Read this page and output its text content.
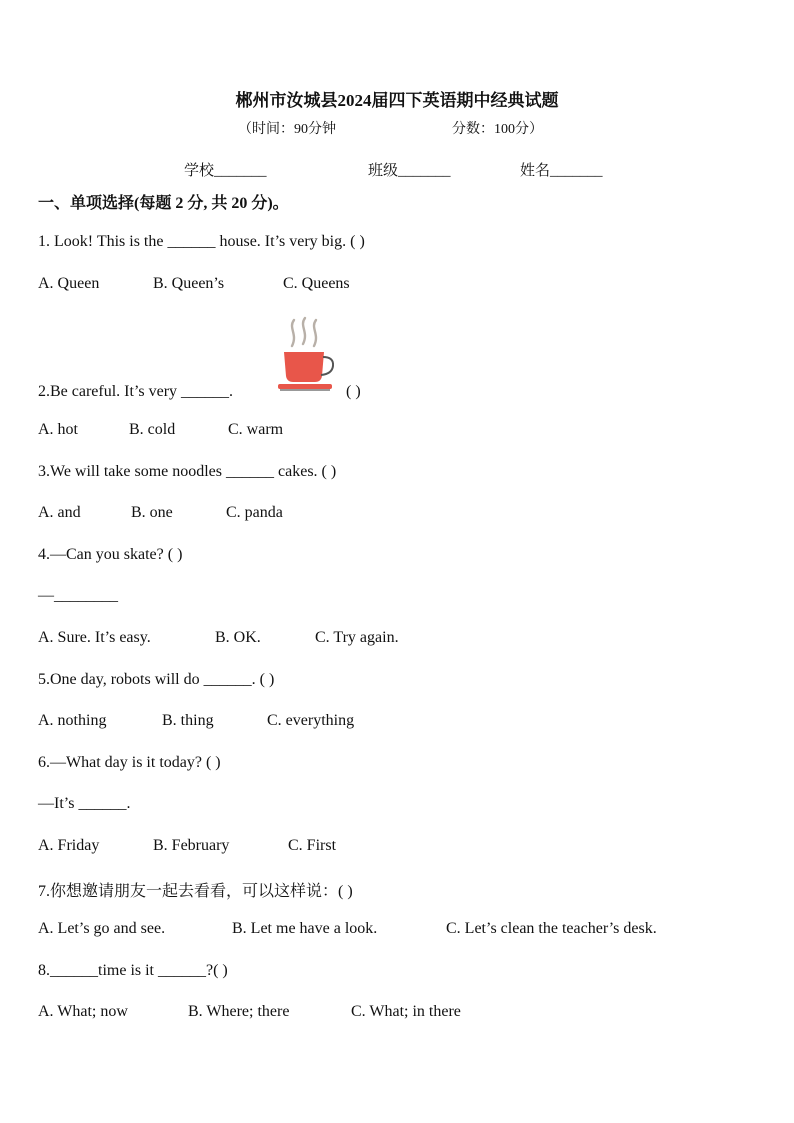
郴州市汝城县2024届四下英语期中经典试题
（时间：90分钟	分数：100分）
学校_______	班级_______	姓名_______
一、单项选择(每题 2 分, 共 20 分)。
1. Look! This is the ______ house. It’s very big. ( )
A. Queen	B. Queen’s	C. Queens
2.Be careful. It’s very ______.	( )
A. hot	B. cold	C. warm
3.We will take some noodles ______ cakes. ( )
A. and	B. one	C. panda
4.—Can you skate? ( )
—________
A. Sure. It’s easy.	B. OK.	C. Try again.
5.One day, robots will do ______. ( )
A. nothing	B. thing	C. everything
6.—What day is it today? ( )
—It’s ______.
A. Friday	B. February	C. First
7.你想邀请朋友一起去看看，可以这样说：( )
A. Let’s go and see.	B. Let me have a look.	C. Let’s clean the teacher’s desk.
8.______time is it ______?( )
A. What; now	B. Where; there	C. What; in there
